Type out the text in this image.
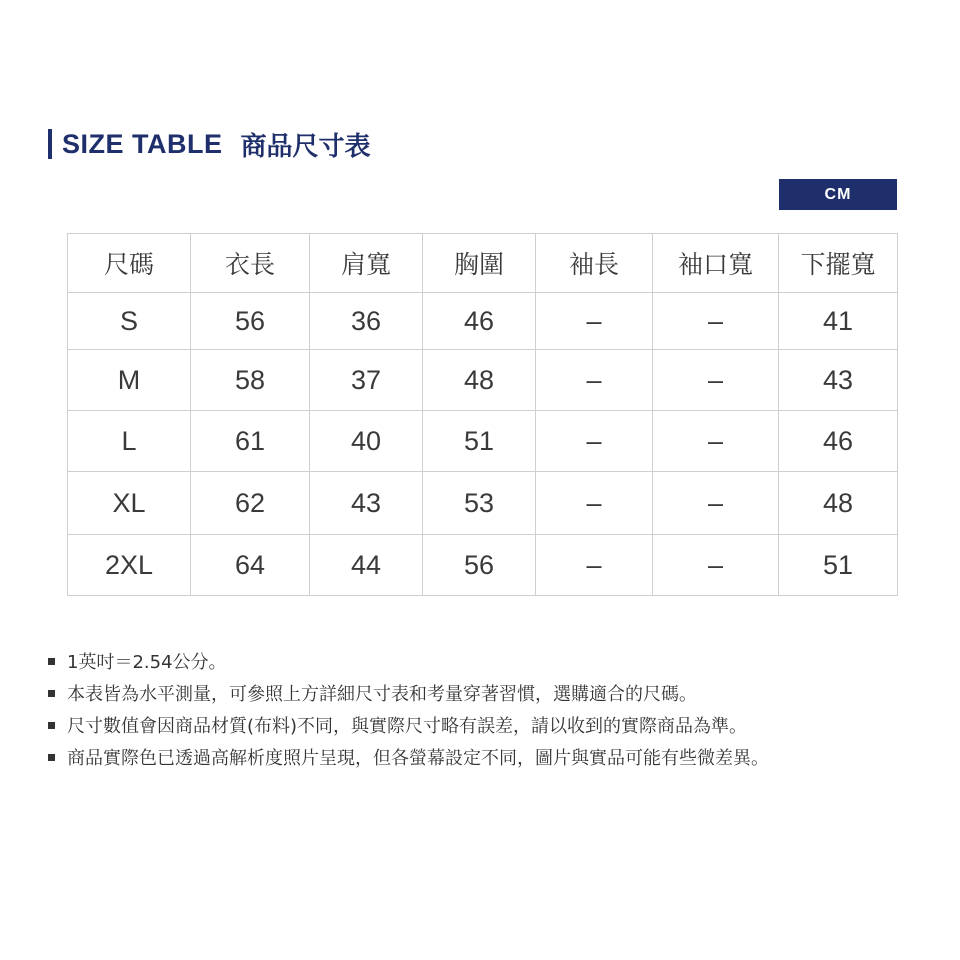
SIZE TABLE 商品尺寸表
CM
尺碼	衣長	肩寬	胸圍	袖長	袖口寬	下擺寬
S	56	36	46	–	–	41
M	58	37	48	–	–	43
L	61	40	51	–	–	46
XL	62	43	53	–	–	48
2XL	64	44	56	–	–	51
1英吋＝2.54公分。
本表皆為水平測量，可參照上方詳細尺寸表和考量穿著習慣，選購適合的尺碼。
尺寸數值會因商品材質(布料)不同，與實際尺寸略有誤差，請以收到的實際商品為準。
商品實際色已透過高解析度照片呈現，但各螢幕設定不同，圖片與實品可能有些微差異。
